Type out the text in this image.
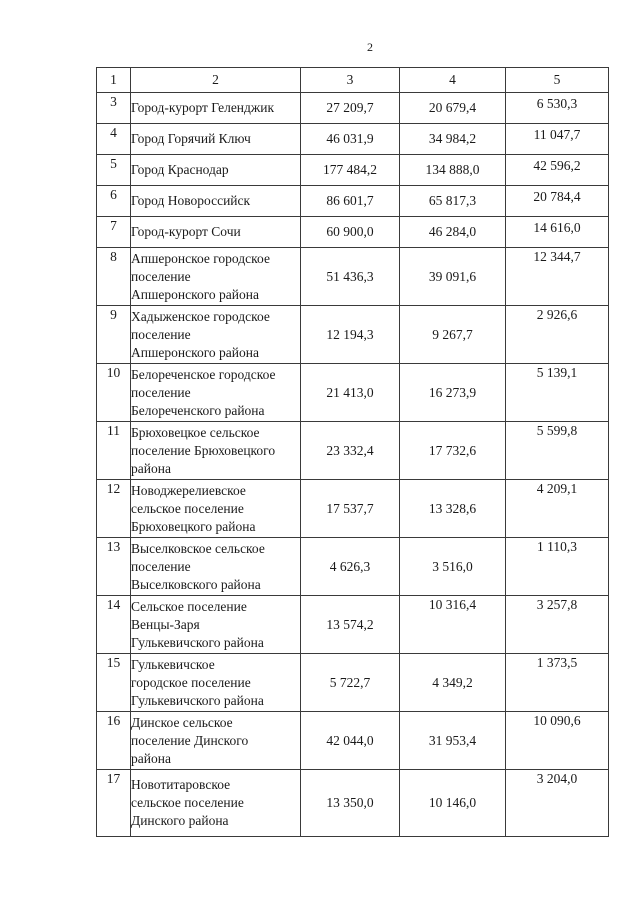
2
1	2	3	4	5
3	Город-курорт Геленджик	27 209,7	20 679,4	6 530,3
4	Город Горячий Ключ	46 031,9	34 984,2	11 047,7
5	Город Краснодар	177 484,2	134 888,0	42 596,2
6	Город Новороссийск	86 601,7	65 817,3	20 784,4
7	Город-курорт Сочи	60 900,0	46 284,0	14 616,0
8	Апшеронское городское
поселение
Апшеронского района	51 436,3	39 091,6	12 344,7
9	Хадыженское городское
поселение
Апшеронского района	12 194,3	9 267,7	2 926,6
10	Белореченское городское
поселение
Белореченского района	21 413,0	16 273,9	5 139,1
11	Брюховецкое сельское
поселение Брюховецкого
района	23 332,4	17 732,6	5 599,8
12	Новоджерелиевское
сельское поселение
Брюховецкого района	17 537,7	13 328,6	4 209,1
13	Выселковское сельское
поселение
Выселковского района	4 626,3	3 516,0	1 110,3
14	Сельское поселение
Венцы-Заря
Гулькевичского района	13 574,2	10 316,4	3 257,8
15	Гулькевичское
городское поселение
Гулькевичского района	5 722,7	4 349,2	1 373,5
16	Динское сельское
поселение Динского
района	42 044,0	31 953,4	10 090,6
17	Новотитаровское
сельское поселение
Динского района	13 350,0	10 146,0	3 204,0
